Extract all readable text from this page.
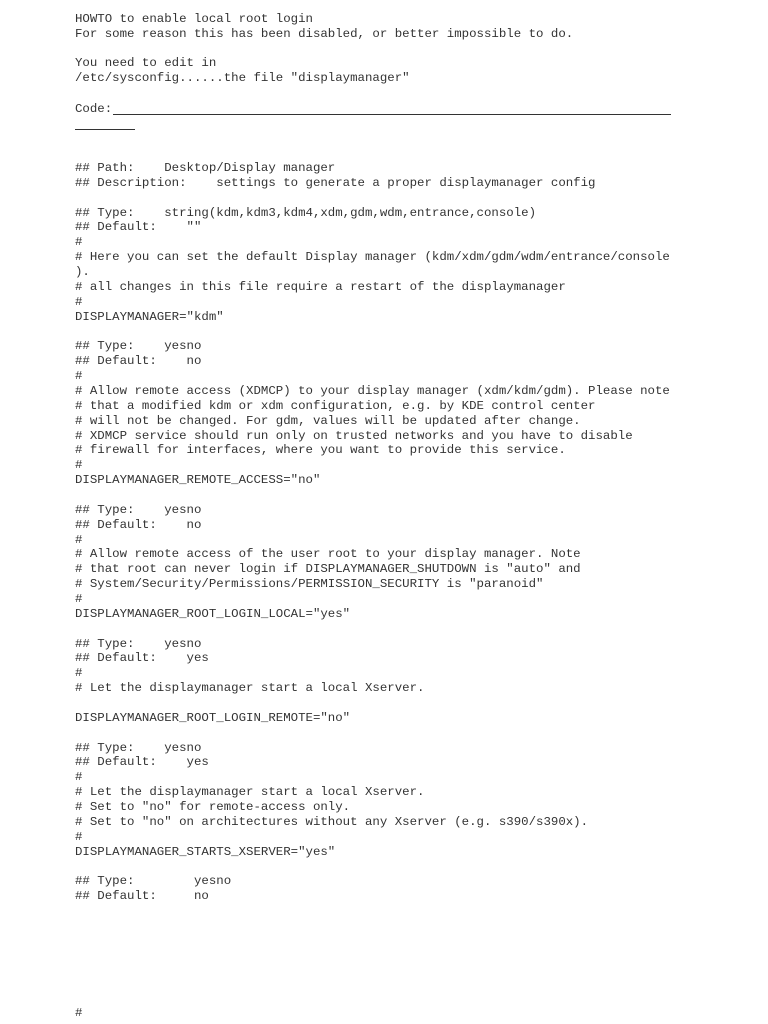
HOWTO to enable local root login
For some reason this has been disabled, or better impossible to do.
You need to edit in
/etc/sysconfig......the file "displaymanager"
Code:
## Path:    Desktop/Display manager
## Description:    settings to generate a proper displaymanager config
## Type:    string(kdm,kdm3,kdm4,xdm,gdm,wdm,entrance,console)
## Default:    ""
#
# Here you can set the default Display manager (kdm/xdm/gdm/wdm/entrance/console
).
# all changes in this file require a restart of the displaymanager
#
DISPLAYMANAGER="kdm"
## Type:    yesno
## Default:    no
#
# Allow remote access (XDMCP) to your display manager (xdm/kdm/gdm). Please note
# that a modified kdm or xdm configuration, e.g. by KDE control center
# will not be changed. For gdm, values will be updated after change.
# XDMCP service should run only on trusted networks and you have to disable
# firewall for interfaces, where you want to provide this service.
#
DISPLAYMANAGER_REMOTE_ACCESS="no"
## Type:    yesno
## Default:    no
#
# Allow remote access of the user root to your display manager. Note
# that root can never login if DISPLAYMANAGER_SHUTDOWN is "auto" and
# System/Security/Permissions/PERMISSION_SECURITY is "paranoid"
#
DISPLAYMANAGER_ROOT_LOGIN_LOCAL="yes"
## Type:    yesno
## Default:    yes
#
# Let the displaymanager start a local Xserver.
DISPLAYMANAGER_ROOT_LOGIN_REMOTE="no"
## Type:    yesno
## Default:    yes
#
# Let the displaymanager start a local Xserver.
# Set to "no" for remote-access only.
# Set to "no" on architectures without any Xserver (e.g. s390/s390x).
#
DISPLAYMANAGER_STARTS_XSERVER="yes"
## Type:        yesno
## Default:     no
#
